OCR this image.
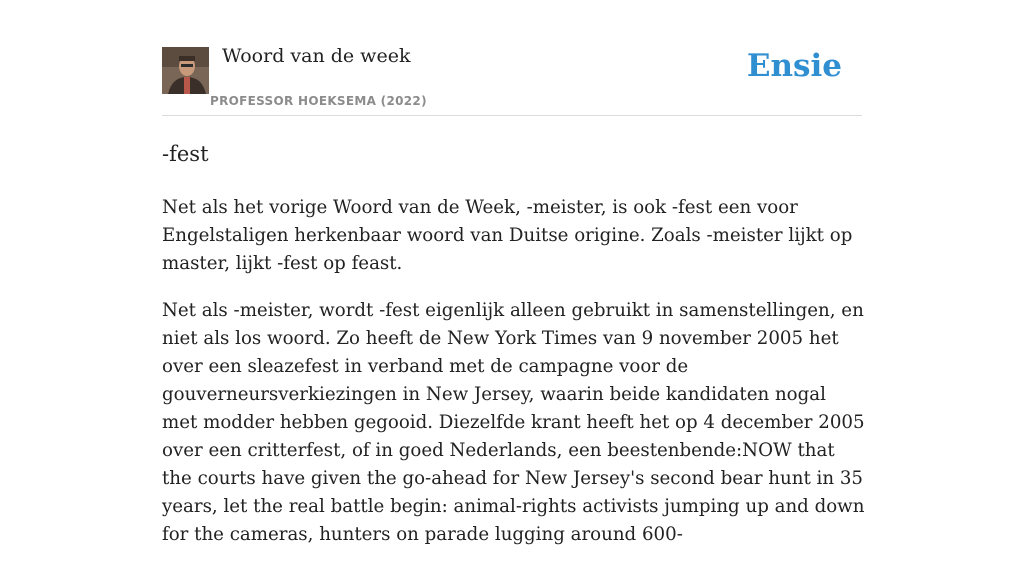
Woord van de week
PROFESSOR HOEKSEMA (2022)
Ensie
-fest

Net als het vorige Woord van de Week, -meister, is ook -fest een voor Engelstaligen herkenbaar woord van Duitse origine. Zoals -meister lijkt op master, lijkt -fest op feast.

Net als -meister, wordt -fest eigenlijk alleen gebruikt in samenstellingen, en niet als los woord. Zo heeft de New York Times van 9 november 2005 het over een sleazefest in verband met de campagne voor de gouverneursverkiezingen in New Jersey, waarin beide kandidaten nogal met modder hebben gegooid. Diezelfde krant heeft het op 4 december 2005 over een critterfest, of in goed Nederlands, een beestenbende:NOW that the courts have given the go-ahead for New Jersey's second bear hunt in 35 years, let the real battle begin: animal-rights activists jumping up and down for the cameras, hunters on parade lugging around 600-
